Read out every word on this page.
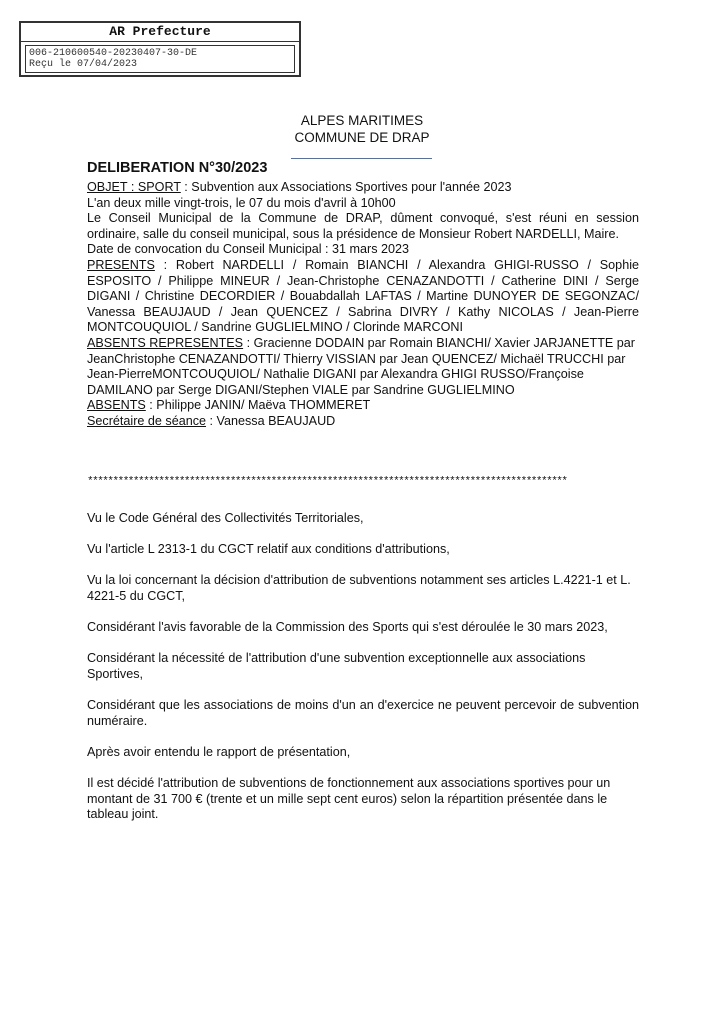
AR Prefecture
006-210600540-20230407-30-DE
Reçu le 07/04/2023
ALPES MARITIMES
COMMUNE DE DRAP
DELIBERATION N°30/2023

OBJET : SPORT : Subvention aux Associations Sportives pour l'année 2023

L'an deux mille vingt-trois, le 07 du mois d'avril à 10h00

Le Conseil Municipal de la Commune de DRAP, dûment convoqué, s'est réuni en session ordinaire, salle du conseil municipal, sous la présidence de Monsieur Robert NARDELLI, Maire.

Date de convocation du Conseil Municipal : 31 mars 2023

PRESENTS : Robert NARDELLI / Romain BIANCHI / Alexandra GHIGI-RUSSO / Sophie ESPOSITO / Philippe MINEUR / Jean-Christophe CENAZANDOTTI / Catherine DINI / Serge DIGANI / Christine DECORDIER / Bouabdallah LAFTAS / Martine DUNOYER DE SEGONZAC/ Vanessa BEAUJAUD / Jean QUENCEZ / Sabrina DIVRY / Kathy NICOLAS / Jean-Pierre MONTCOUQUIOL / Sandrine GUGLIELMINO / Clorinde MARCONI

ABSENTS REPRESENTES : Gracienne DODAIN par Romain BIANCHI/ Xavier JARJANETTE par JeanChristophe CENAZANDOTTI/ Thierry VISSIAN par Jean QUENCEZ/ Michaël TRUCCHI par Jean-PierreMONTCOUQUIOL/ Nathalie DIGANI par Alexandra GHIGI RUSSO/Françoise DAMILANO par Serge DIGANI/Stephen VIALE par Sandrine GUGLIELMINO

ABSENTS : Philippe JANIN/ Maëva THOMMERET

Secrétaire de séance : Vanessa BEAUJAUD

**********************************************************************************************

Vu le Code Général des Collectivités Territoriales,

Vu l'article L 2313-1 du CGCT relatif aux conditions d'attributions,

Vu la loi concernant la décision d'attribution de subventions notamment ses articles L.4221-1 et L. 4221-5 du CGCT,

Considérant l'avis favorable de la Commission des Sports qui s'est déroulée le 30 mars 2023,

Considérant la nécessité de l'attribution d'une subvention exceptionnelle aux associations Sportives,

Considérant que les associations de moins d'un an d'exercice ne peuvent percevoir de subvention numéraire.

Après avoir entendu le rapport de présentation,

Il est décidé l'attribution de subventions de fonctionnement aux associations sportives pour un montant de 31 700 € (trente et un mille sept cent euros) selon la répartition présentée dans le tableau joint.
